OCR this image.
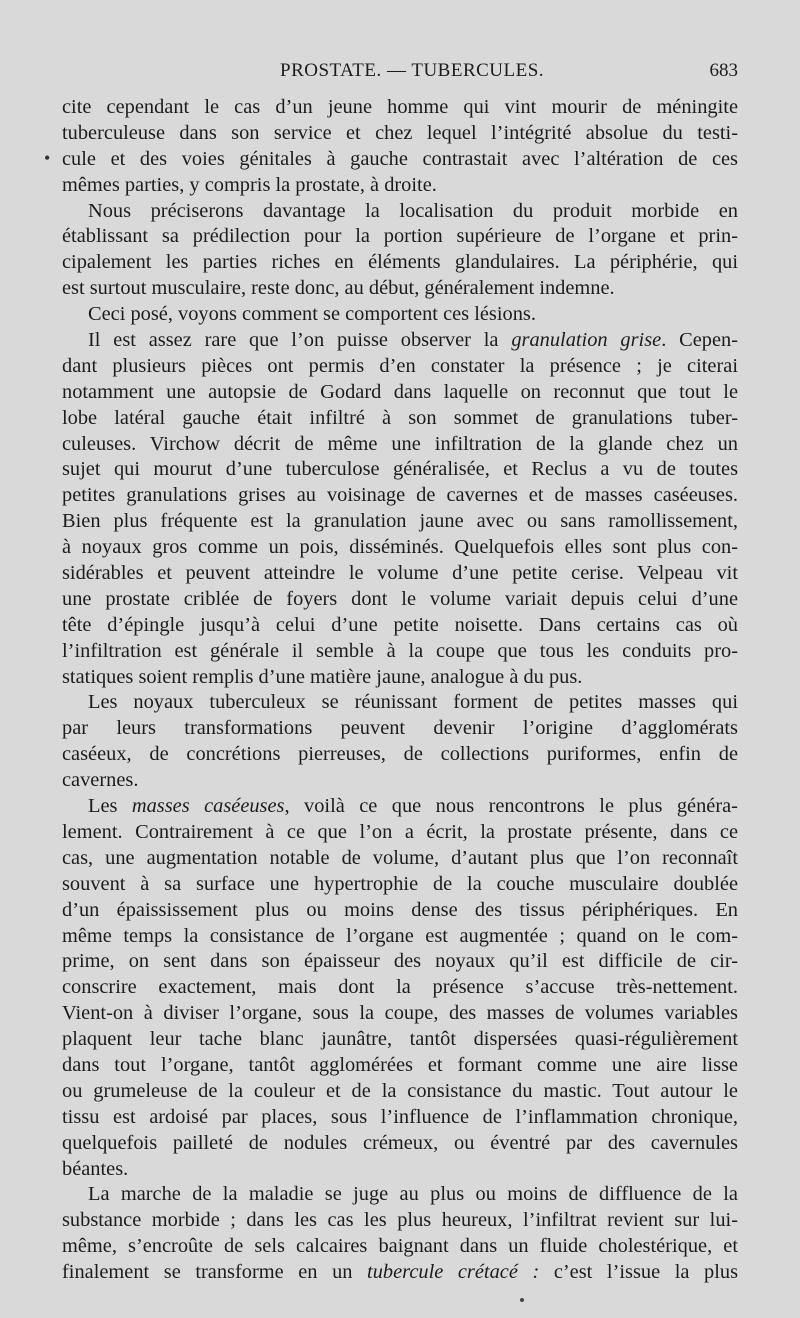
PROSTATE. — TUBERCULES.	683
•
cite cependant le cas d’un jeune homme qui vint mourir de méningite
tuberculeuse dans son service et chez lequel l’intégrité absolue du testi-
cule et des voies génitales à gauche contrastait avec l’altération de ces
mêmes parties, y compris la prostate, à droite.
Nous préciserons davantage la localisation du produit morbide en
établissant sa prédilection pour la portion supérieure de l’organe et prin-
cipalement les parties riches en éléments glandulaires. La périphérie, qui
est surtout musculaire, reste donc, au début, généralement indemne.
Ceci posé, voyons comment se comportent ces lésions.
Il est assez rare que l’on puisse observer la granulation grise. Cepen-
dant plusieurs pièces ont permis d’en constater la présence ; je citerai
notamment une autopsie de Godard dans laquelle on reconnut que tout le
lobe latéral gauche était infiltré à son sommet de granulations tuber-
culeuses. Virchow décrit de même une infiltration de la glande chez un
sujet qui mourut d’une tuberculose généralisée, et Reclus a vu de toutes
petites granulations grises au voisinage de cavernes et de masses caséeuses.
Bien plus fréquente est la granulation jaune avec ou sans ramollissement,
à noyaux gros comme un pois, disséminés. Quelquefois elles sont plus con-
sidérables et peuvent atteindre le volume d’une petite cerise. Velpeau vit
une prostate criblée de foyers dont le volume variait depuis celui d’une
tête d’épingle jusqu’à celui d’une petite noisette. Dans certains cas où
l’infiltration est générale il semble à la coupe que tous les conduits pro-
statiques soient remplis d’une matière jaune, analogue à du pus.
Les noyaux tuberculeux se réunissant forment de petites masses qui
par leurs transformations peuvent devenir l’origine d’agglomérats
caséeux, de concrétions pierreuses, de collections puriformes, enfin de
cavernes.
Les masses caséeuses, voilà ce que nous rencontrons le plus généra-
lement. Contrairement à ce que l’on a écrit, la prostate présente, dans ce
cas, une augmentation notable de volume, d’autant plus que l’on reconnaît
souvent à sa surface une hypertrophie de la couche musculaire doublée
d’un épaississement plus ou moins dense des tissus périphériques. En
même temps la consistance de l’organe est augmentée ; quand on le com-
prime, on sent dans son épaisseur des noyaux qu’il est difficile de cir-
conscrire exactement, mais dont la présence s’accuse très-nettement.
Vient-on à diviser l’organe, sous la coupe, des masses de volumes variables
plaquent leur tache blanc jaunâtre, tantôt dispersées quasi-régulièrement
dans tout l’organe, tantôt agglomérées et formant comme une aire lisse
ou grumeleuse de la couleur et de la consistance du mastic. Tout autour le
tissu est ardoisé par places, sous l’influence de l’inflammation chronique,
quelquefois pailleté de nodules crémeux, ou éventré par des cavernules
béantes.
La marche de la maladie se juge au plus ou moins de diffluence de la
substance morbide ; dans les cas les plus heureux, l’infiltrat revient sur lui-
même, s’encroûte de sels calcaires baignant dans un fluide cholestérique, et
finalement se transforme en un tubercule crétacé : c’est l’issue la plus
